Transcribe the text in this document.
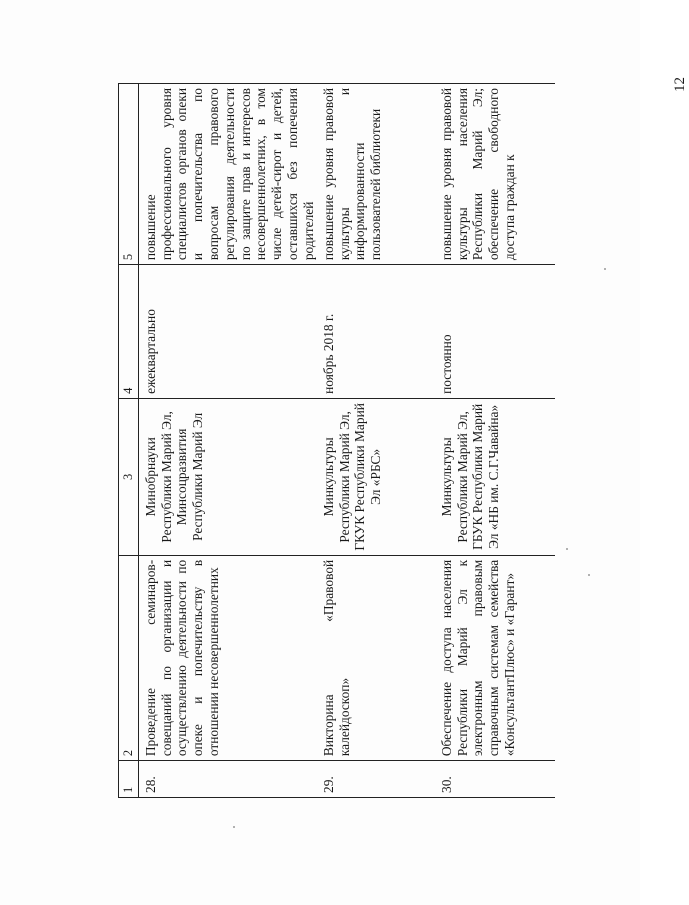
12
1	2	3	4	5
28.	Проведение семинаров-совещаний по организации и осуществлению деятельности по опеке и попечительству в отношении несовершеннолетних	Минобрнауки Республики Марий Эл, Минсоцразвития Республики Марий Эл	ежеквартально	повышение профессионального уровня специалистов органов опеки и попечительства по вопросам правового регулирования деятельности по защите прав и интересов несовершеннолетних, в том числе детей-сирот и детей, оставшихся без попечения родителей
29.	Викторина «Правовой калейдоскоп»	Минкультуры Республики Марий Эл, ГКУК Республики Марий Эл «РБС»	ноябрь 2018 г.	повышение уровня правовой культуры и информированности пользователей библиотеки
30.	Обеспечение доступа населения Республики Марий Эл к электронным правовым справочным системам семейства «КонсультантПлюс» и «Гарант»	Минкультуры Республики Марий Эл, ГБУК Республики Марий Эл «НБ им. С.Г.Чавайна»	постоянно	повышение уровня правовой культуры населения Республики Марий Эл; обеспечение свободного доступа граждан к
